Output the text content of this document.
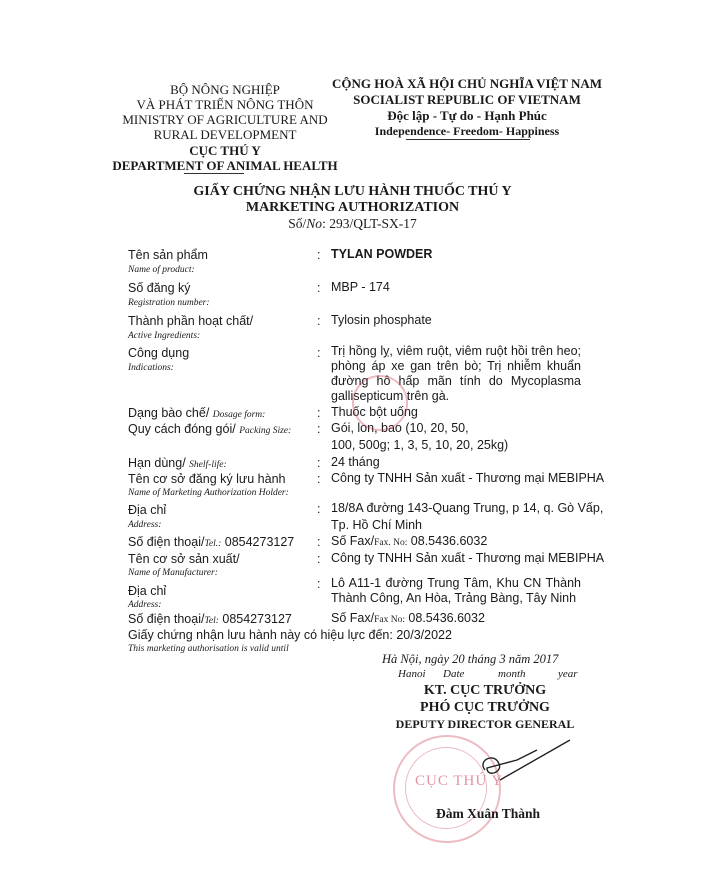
BỘ NÔNG NGHIỆP
VÀ PHÁT TRIỂN NÔNG THÔN
MINISTRY OF AGRICULTURE AND
RURAL DEVELOPMENT
CỤC THÚ Y
DEPARTMENT OF ANIMAL HEALTH
CỘNG HOÀ XÃ HỘI CHỦ NGHĨA VIỆT NAM
SOCIALIST REPUBLIC OF VIETNAM
Độc lập - Tự do - Hạnh Phúc
Independence- Freedom- Happiness
GIẤY CHỨNG NHẬN LƯU HÀNH THUỐC THÚ Y
MARKETING AUTHORIZATION
Số/No: 293/QLT-SX-17
Tên sản phẩm
Name of product:
: TYLAN POWDER
Số đăng ký
Registration number:
: MBP - 174
Thành phần hoạt chất/
Active Ingredients:
: Tylosin phosphate
Công dụng
Indications:
: Trị hồng lỵ, viêm ruột, viêm ruột hồi trên heo; phòng áp xe gan trên bò; Trị nhiễm khuẩn đường hô hấp mãn tính do Mycoplasma gallisepticum trên gà.
Dạng bào chế/ Dosage form:	: Thuốc bột uống
Quy cách đóng gói/ Packing Size: : Gói, lon, bao (10, 20, 50,
100, 500g; 1, 3, 5, 10, 20, 25kg)
Hạn dùng/ Shelf-life:	: 24 tháng
Tên cơ sở đăng ký lưu hành
Name of Marketing Authorization Holder:
: Công ty TNHH Sản xuất - Thương mại MEBIPHA
Địa chỉ
Address:
: 18/8A đường 143-Quang Trung, p 14, q. Gò Vấp,
Tp. Hồ Chí Minh
Số điện thoại/Tel.: 0854273127 : Số Fax/Fax. No: 08.5436.6032
Tên cơ sở sản xuất/
Name of Manufacturer:
: Công ty TNHH Sản xuất - Thương mại MEBIPHA
Địa chỉ
Address:
: Lô A11-1 đường Trung Tâm, Khu CN Thành Thành Công, An Hòa, Trảng Bàng, Tây Ninh
Số điện thoại/Tel: 0854273127	Số Fax/Fax No: 08.5436.6032
Giấy chứng nhận lưu hành này có hiệu lực đến: 20/3/2022
This marketing authorisation is valid until
Hà Nội, ngày 20 tháng 3 năm 2017
Hanoi Date	month	year
KT. CỤC TRƯỞNG
PHÓ CỤC TRƯỞNG
DEPUTY DIRECTOR GENERAL
CỤC THÚ Y
Đàm Xuân Thành
